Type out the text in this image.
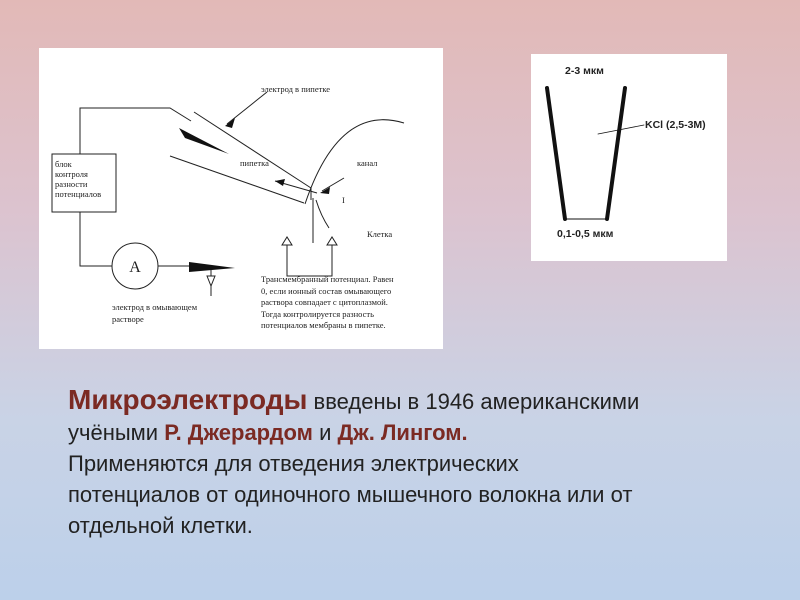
электрод в пипетке
блок
контроля
разности
потенциалов
пипетка	канал
I
Клетка
A
электрод в омывающем
растворе
Трансмембранный потенциал. Равен
0, если ионный состав омывающего
раствора совпадает с цитоплазмой.
Тогда контролируется разность
потенциалов мембраны в пипетке.
2-3 мкм
KCl (2,5-3M)
0,1-0,5 мкм
Микроэлектроды введены в 1946 американскими
учёными Р. Джерардом и Дж. Лингом.
Применяются для отведения электрических
потенциалов от одиночного мышечного волокна или от
отдельной клетки.
